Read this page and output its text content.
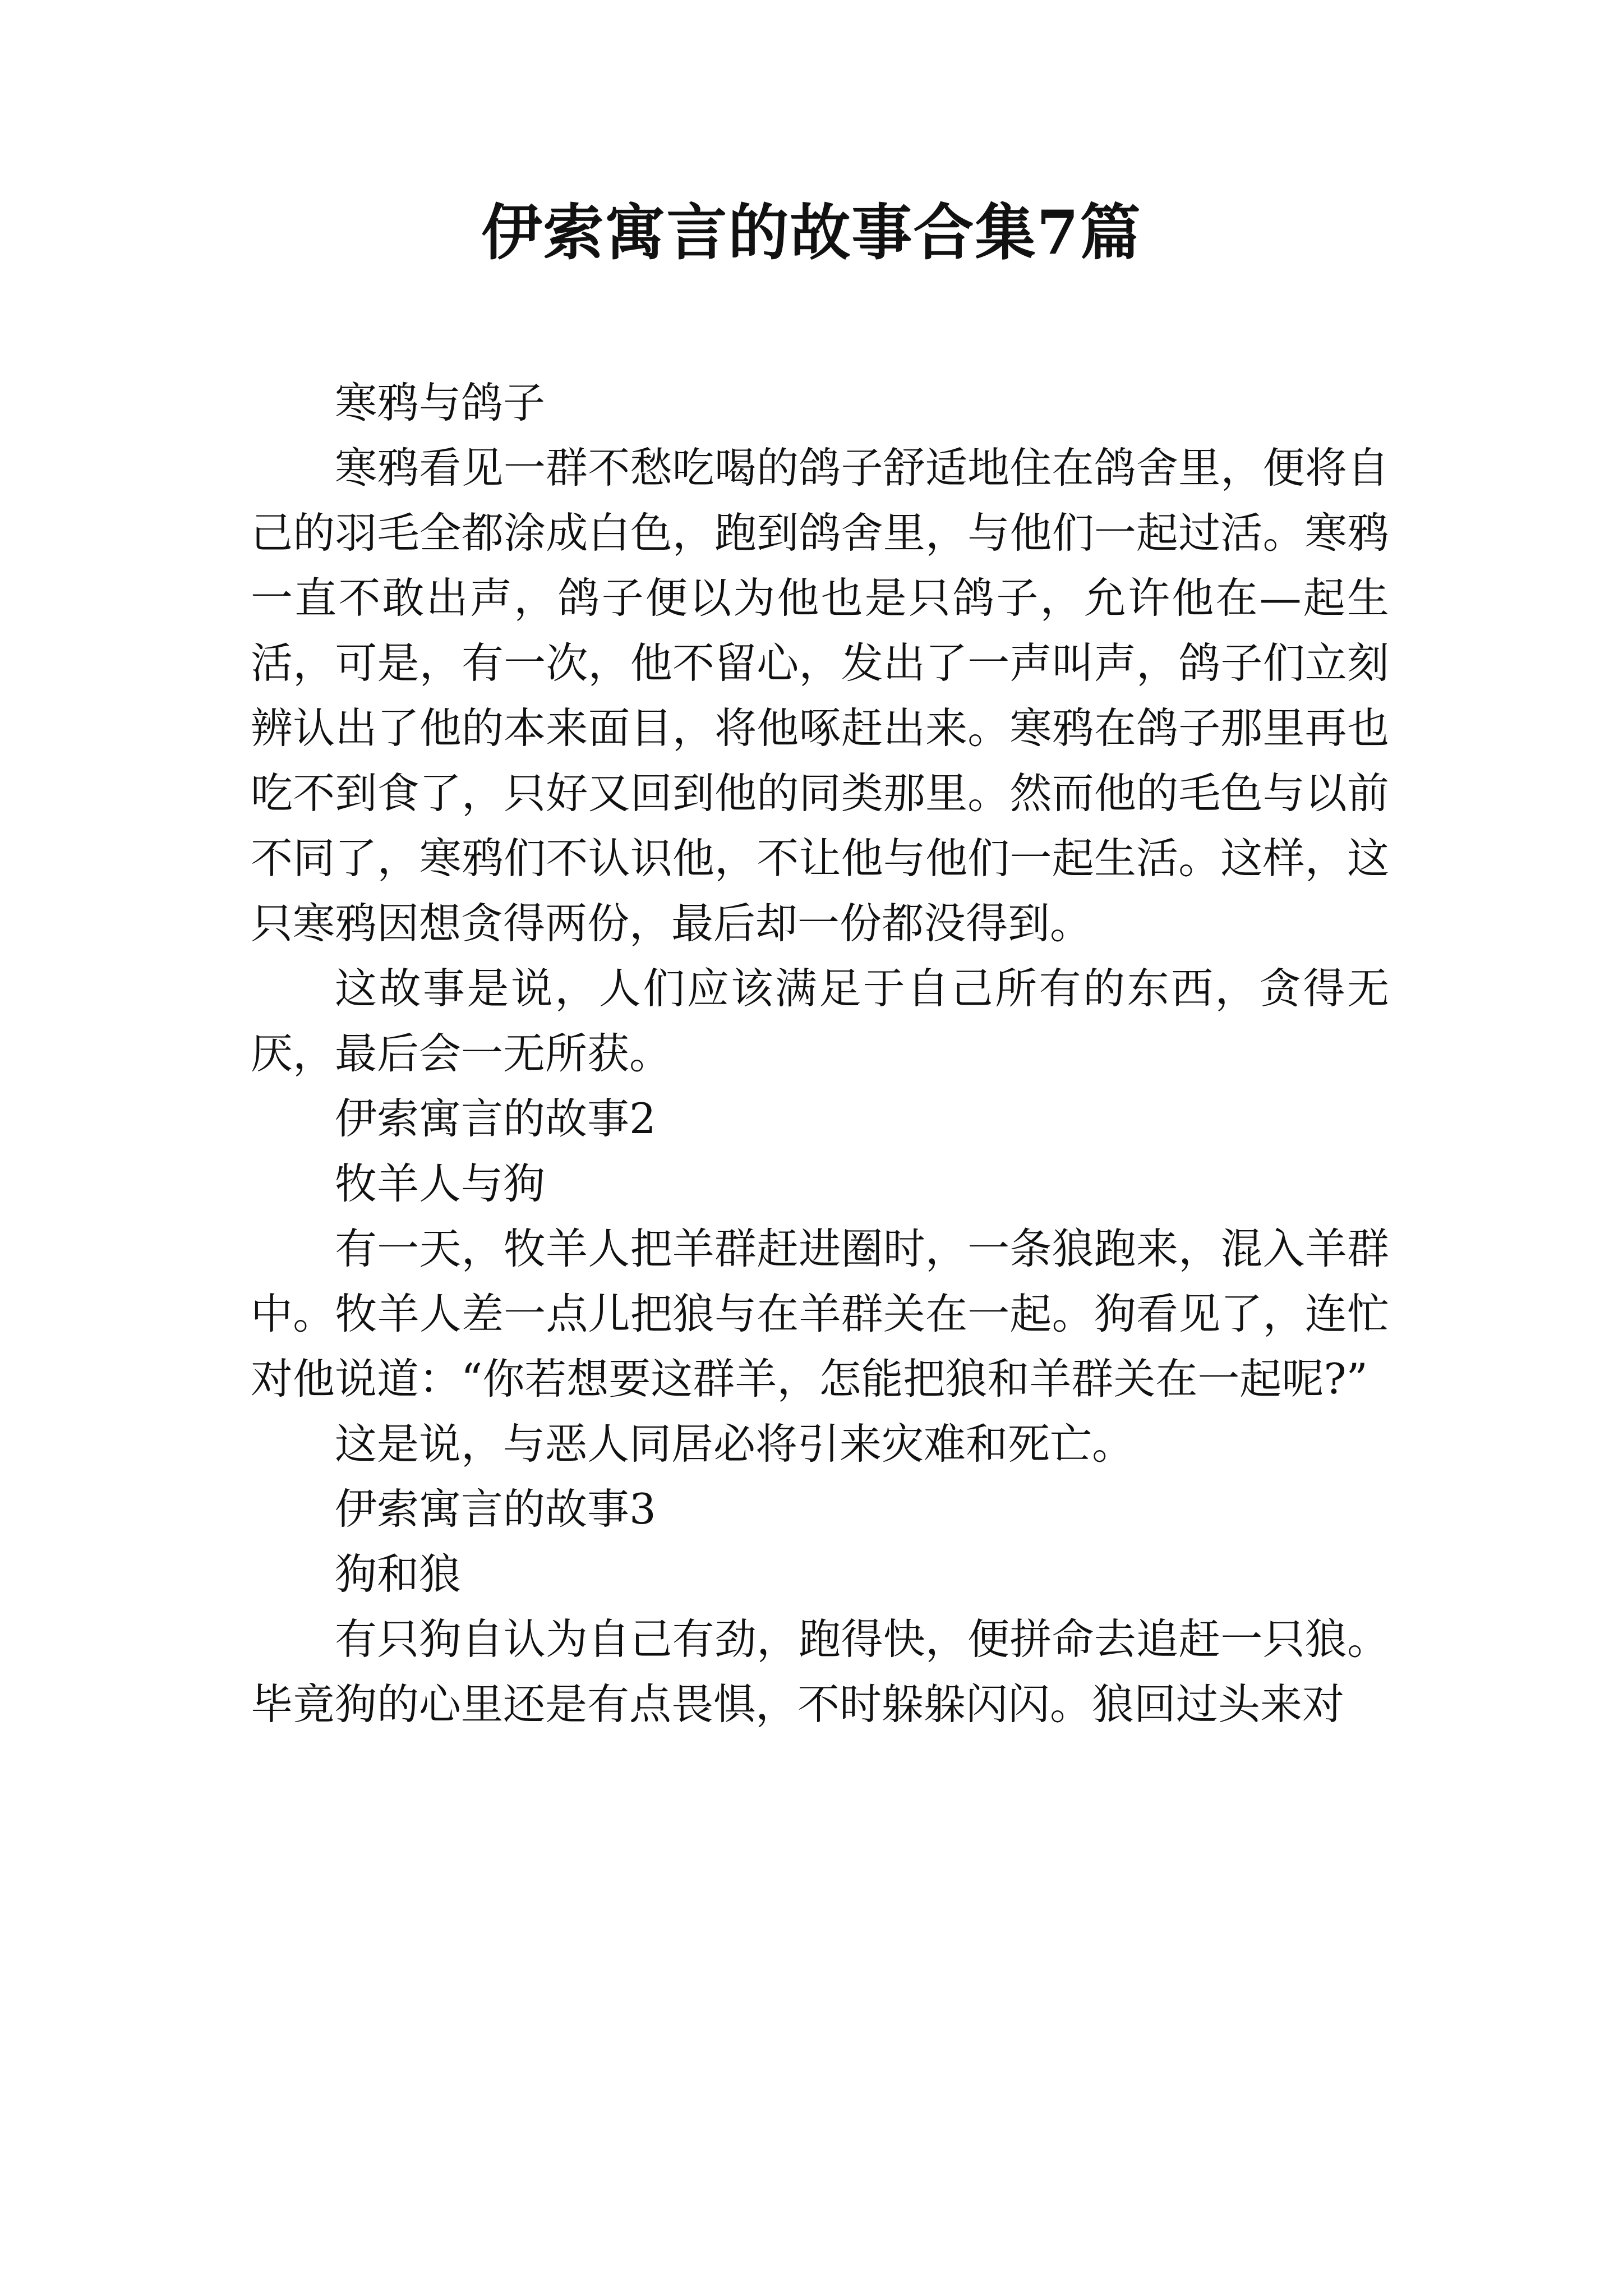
伊索寓言的故事合集7篇

寒鸦与鸽子

寒鸦看见一群不愁吃喝的鸽子舒适地住在鸽舍里，便将自己的羽毛全都涂成白色，跑到鸽舍里，与他们一起过活。寒鸦一直不敢出声，鸽子便以为他也是只鸽子，允许他在—起生活，可是，有一次，他不留心，发出了一声叫声，鸽子们立刻辨认出了他的本来面目，将他啄赶出来。寒鸦在鸽子那里再也吃不到食了，只好又回到他的同类那里。然而他的毛色与以前不同了，寒鸦们不认识他，不让他与他们一起生活。这样，这只寒鸦因想贪得两份，最后却一份都没得到。

这故事是说，人们应该满足于自己所有的东西，贪得无厌，最后会一无所获。

伊索寓言的故事2

牧羊人与狗

有一天，牧羊人把羊群赶进圈时，一条狼跑来，混入羊群中。牧羊人差一点儿把狼与在羊群关在一起。狗看见了，连忙对他说道：“你若想要这群羊，怎能把狼和羊群关在一起呢?”

这是说，与恶人同居必将引来灾难和死亡。

伊索寓言的故事3

狗和狼

有只狗自认为自己有劲，跑得快，便拼命去追赶一只狼。毕竟狗的心里还是有点畏惧，不时躲躲闪闪。狼回过头来对
